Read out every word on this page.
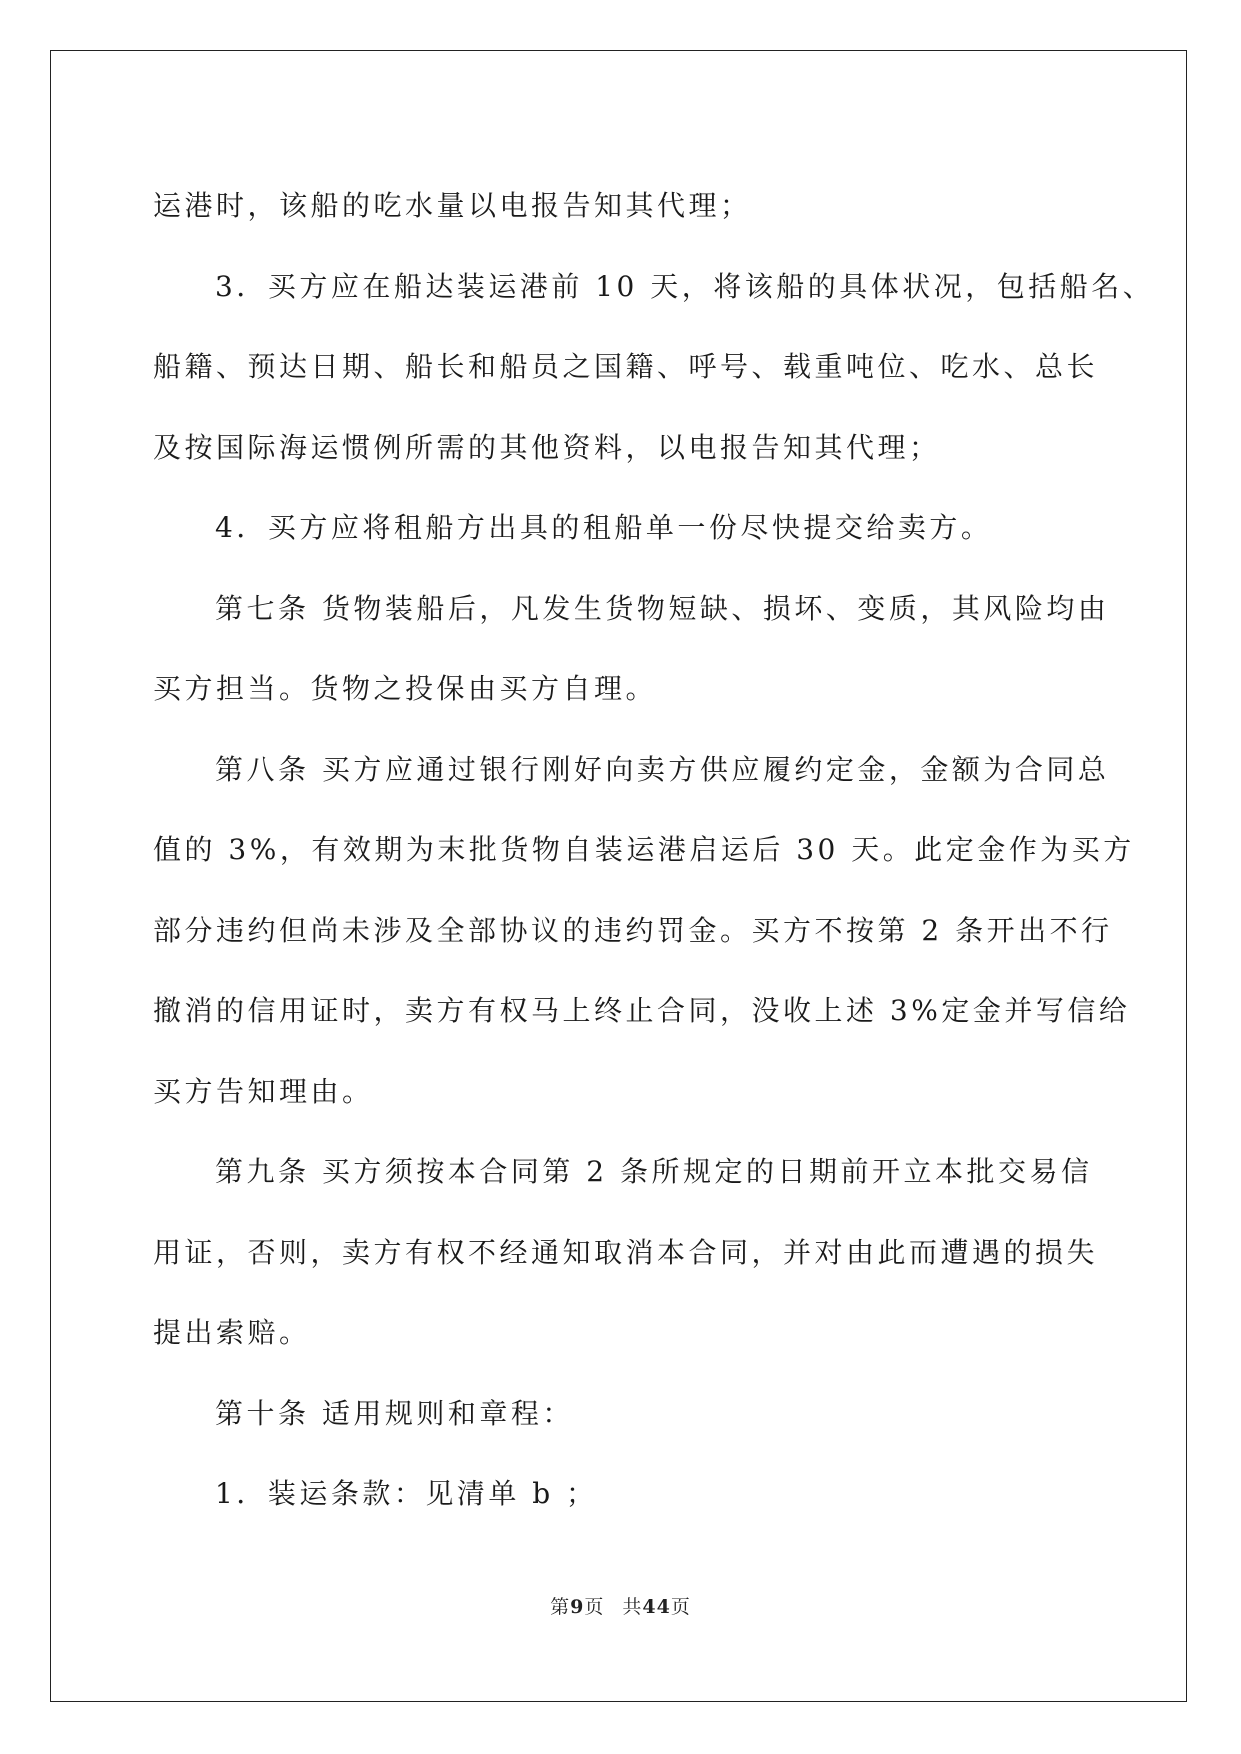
运港时，该船的吃水量以电报告知其代理；

3．买方应在船达装运港前 10 天，将该船的具体状况，包括船名、
船籍、预达日期、船长和船员之国籍、呼号、载重吨位、吃水、总长
及按国际海运惯例所需的其他资料，以电报告知其代理；

4．买方应将租船方出具的租船单一份尽快提交给卖方。

第七条 货物装船后，凡发生货物短缺、损坏、变质，其风险均由
买方担当。货物之投保由买方自理。

第八条 买方应通过银行刚好向卖方供应履约定金，金额为合同总
值的 3%，有效期为末批货物自装运港启运后 30 天。此定金作为买方
部分违约但尚未涉及全部协议的违约罚金。买方不按第 2 条开出不行
撤消的信用证时，卖方有权马上终止合同，没收上述 3%定金并写信给
买方告知理由。

第九条 买方须按本合同第 2 条所规定的日期前开立本批交易信
用证，否则，卖方有权不经通知取消本合同，并对由此而遭遇的损失
提出索赔。

第十条 适用规则和章程：

1．装运条款：见清单 b ；

第9页 共44页
